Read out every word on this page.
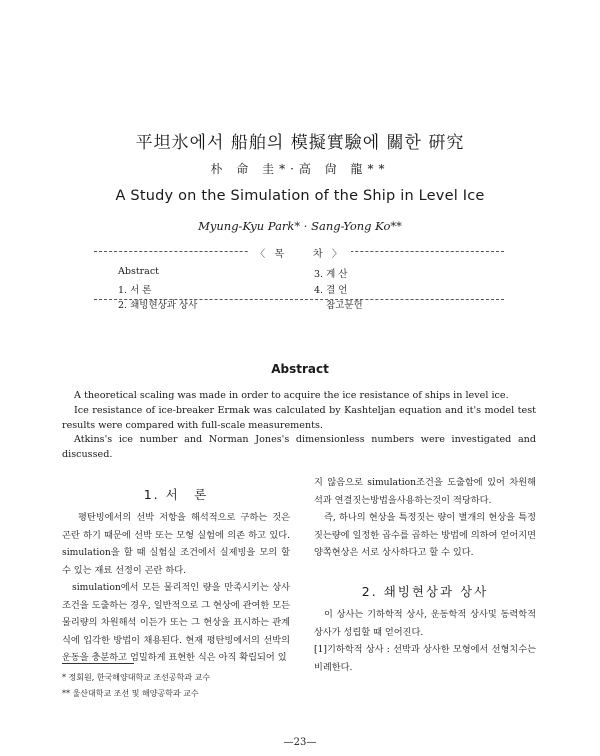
平坦氷에서 船舶의 模擬實驗에 關한 硏究
朴 命 圭*·高 尙 龍**
A Study on the Simulation of the Ship in Level Ice
Myung-Kyu Park* · Sang-Yong Ko**
〈 목　　차 〉
Abstract
1. 서 론
2. 쇄빙현상과 상사
3. 계 산
4. 결 언
참고문헌
Abstract
A theoretical scaling was made in order to acquire the ice resistance of ships in level ice.
Ice resistance of ice-breaker Ermak was calculated by Kashteljan equation and it's model test results were compared with full-scale measurements.
Atkins's ice number and Norman Jones's dimensionless numbers were investigated and discussed.
1. 서　론

평탄빙에서의 선박 저항을 해석적으로 구하는 것은 곤란 하기 때문에 선박 또는 모형 실험에 의존 하고 있다. simulation을 할 때 실험실 조건에서 실제빙을 모의 할수 있는 재료 선정이 곤란 하다.

simulation에서 모든 물리적인 량을 만족시키는 상사조건을 도출하는 경우, 일반적으로 그 현상에 관여한 모든 물리량의 차원해석 이든가 또는 그 현상을 표시하는 관계식에 입각한 방법이 채용된다. 현재 평탄빙에서의 선박의 운동을 충분하고 엄밀하게 표현한 식은 아직 확립되어 있

지 않음으로 simulation조건을 도출함에 있어 차원해석과 연결짓는방법을사용하는것이 적당하다.

즉, 하나의 현상을 특정짓는 량이 별개의 현상을 특정 짓는량에 일정한 곱수를 곱하는 방법에 의하여 얻어지면 양쪽현상은 서로 상사하다고 할 수 있다.

2. 쇄빙현상과 상사

이 상사는 기하학적 상사, 운동학적 상사및 동력학적 상사가 성립할 때 얻어진다.

[1]기하학적 상사 : 선박과 상사한 모형에서 선형치수는 비례한다.

* 정회원, 한국해양대학교 조선공학과 교수
** 울산대학교 조선 및 해양공학과 교수
—23—
